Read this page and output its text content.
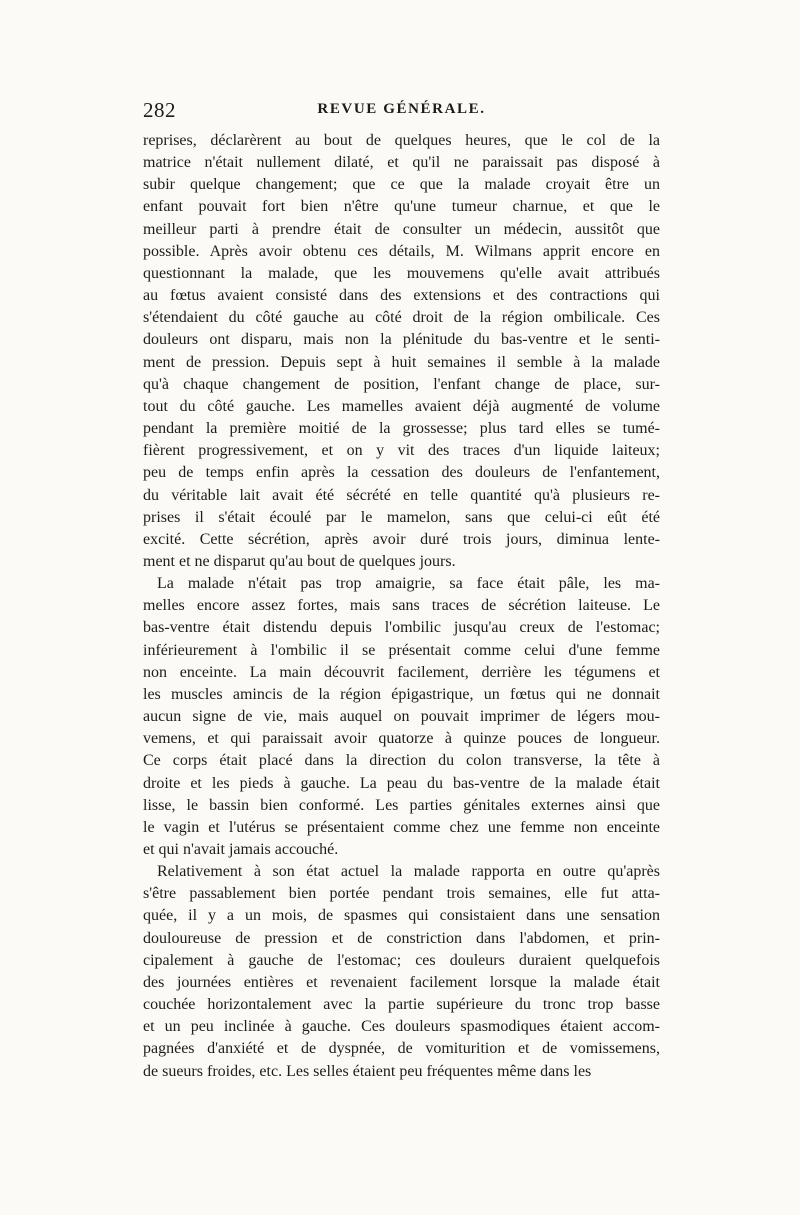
282	REVUE GÉNÉRALE.
reprises, déclarèrent au bout de quelques heures, que le col de la
matrice n'était nullement dilaté, et qu'il ne paraissait pas disposé à
subir quelque changement; que ce que la malade croyait être un
enfant pouvait fort bien n'être qu'une tumeur charnue, et que le
meilleur parti à prendre était de consulter un médecin, aussitôt que
possible. Après avoir obtenu ces détails, M. Wilmans apprit encore en
questionnant la malade, que les mouvemens qu'elle avait attribués
au fœtus avaient consisté dans des extensions et des contractions qui
s'étendaient du côté gauche au côté droit de la région ombilicale. Ces
douleurs ont disparu, mais non la plénitude du bas-ventre et le senti-
ment de pression. Depuis sept à huit semaines il semble à la malade
qu'à chaque changement de position, l'enfant change de place, sur-
tout du côté gauche. Les mamelles avaient déjà augmenté de volume
pendant la première moitié de la grossesse; plus tard elles se tumé-
fièrent progressivement, et on y vit des traces d'un liquide laiteux;
peu de temps enfin après la cessation des douleurs de l'enfantement,
du véritable lait avait été sécrété en telle quantité qu'à plusieurs re-
prises il s'était écoulé par le mamelon, sans que celui-ci eût été
excité. Cette sécrétion, après avoir duré trois jours, diminua lente-
ment et ne disparut qu'au bout de quelques jours.
La malade n'était pas trop amaigrie, sa face était pâle, les ma-
melles encore assez fortes, mais sans traces de sécrétion laiteuse. Le
bas-ventre était distendu depuis l'ombilic jusqu'au creux de l'estomac;
inférieurement à l'ombilic il se présentait comme celui d'une femme
non enceinte. La main découvrit facilement, derrière les tégumens et
les muscles amincis de la région épigastrique, un fœtus qui ne donnait
aucun signe de vie, mais auquel on pouvait imprimer de légers mou-
vemens, et qui paraissait avoir quatorze à quinze pouces de longueur.
Ce corps était placé dans la direction du colon transverse, la tête à
droite et les pieds à gauche. La peau du bas-ventre de la malade était
lisse, le bassin bien conformé. Les parties génitales externes ainsi que
le vagin et l'utérus se présentaient comme chez une femme non enceinte
et qui n'avait jamais accouché.
Relativement à son état actuel la malade rapporta en outre qu'après
s'être passablement bien portée pendant trois semaines, elle fut atta-
quée, il y a un mois, de spasmes qui consistaient dans une sensation
douloureuse de pression et de constriction dans l'abdomen, et prin-
cipalement à gauche de l'estomac; ces douleurs duraient quelquefois
des journées entières et revenaient facilement lorsque la malade était
couchée horizontalement avec la partie supérieure du tronc trop basse
et un peu inclinée à gauche. Ces douleurs spasmodiques étaient accom-
pagnées d'anxiété et de dyspnée, de vomiturition et de vomissemens,
de sueurs froides, etc. Les selles étaient peu fréquentes même dans les
